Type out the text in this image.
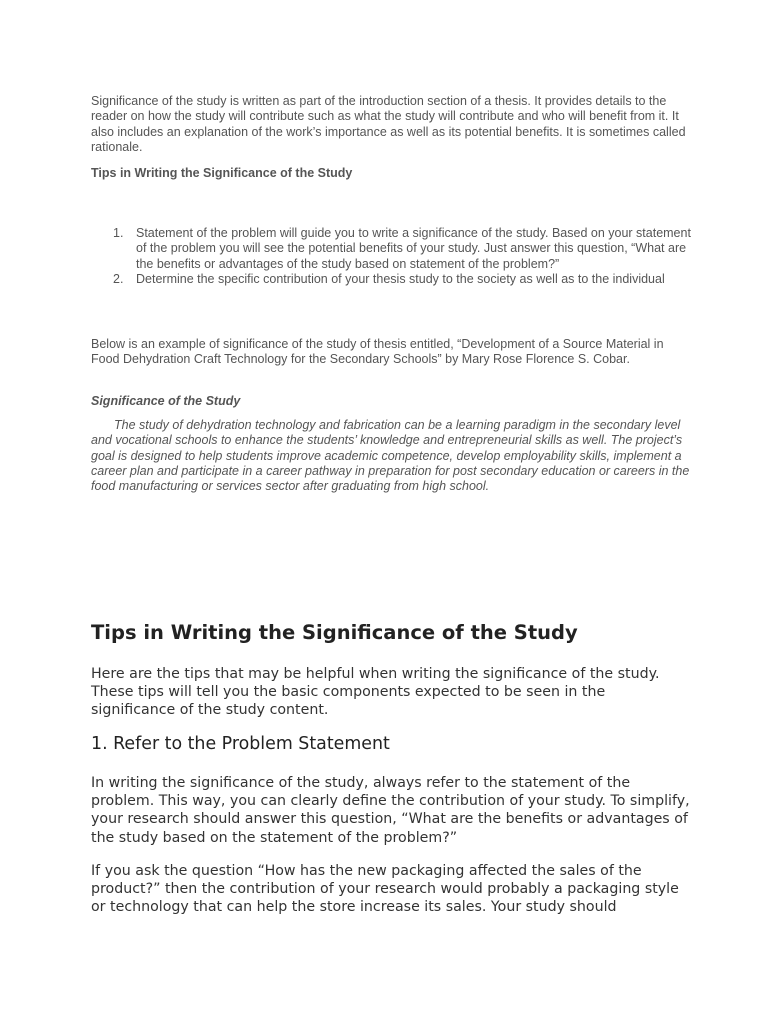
Significance of the study is written as part of the introduction section of a thesis. It provides details to the reader on how the study will contribute such as what the study will contribute and who will benefit from it. It also includes an explanation of the work’s importance as well as its potential benefits. It is sometimes called rationale.

Tips in Writing the Significance of the Study

1. Statement of the problem will guide you to write a significance of the study. Based on your statement of the problem you will see the potential benefits of your study. Just answer this question, “What are the benefits or advantages of the study based on statement of the problem?”
2. Determine the specific contribution of your thesis study to the society as well as to the individual

Below is an example of significance of the study of thesis entitled, “Development of a Source Material in Food Dehydration Craft Technology for the Secondary Schools” by Mary Rose Florence S. Cobar.

Significance of the Study

The study of dehydration technology and fabrication can be a learning paradigm in the secondary level and vocational schools to enhance the students’ knowledge and entrepreneurial skills as well. The project’s goal is designed to help students improve academic competence, develop employability skills, implement a career plan and participate in a career pathway in preparation for post secondary education or careers in the food manufacturing or services sector after graduating from high school.

Tips in Writing the Significance of the Study

Here are the tips that may be helpful when writing the significance of the study. These tips will tell you the basic components expected to be seen in the significance of the study content.

1. Refer to the Problem Statement

In writing the significance of the study, always refer to the statement of the problem. This way, you can clearly define the contribution of your study. To simplify, your research should answer this question, “What are the benefits or advantages of the study based on the statement of the problem?”

If you ask the question “How has the new packaging affected the sales of the product?” then the contribution of your research would probably a packaging style or technology that can help the store increase its sales. Your study should
